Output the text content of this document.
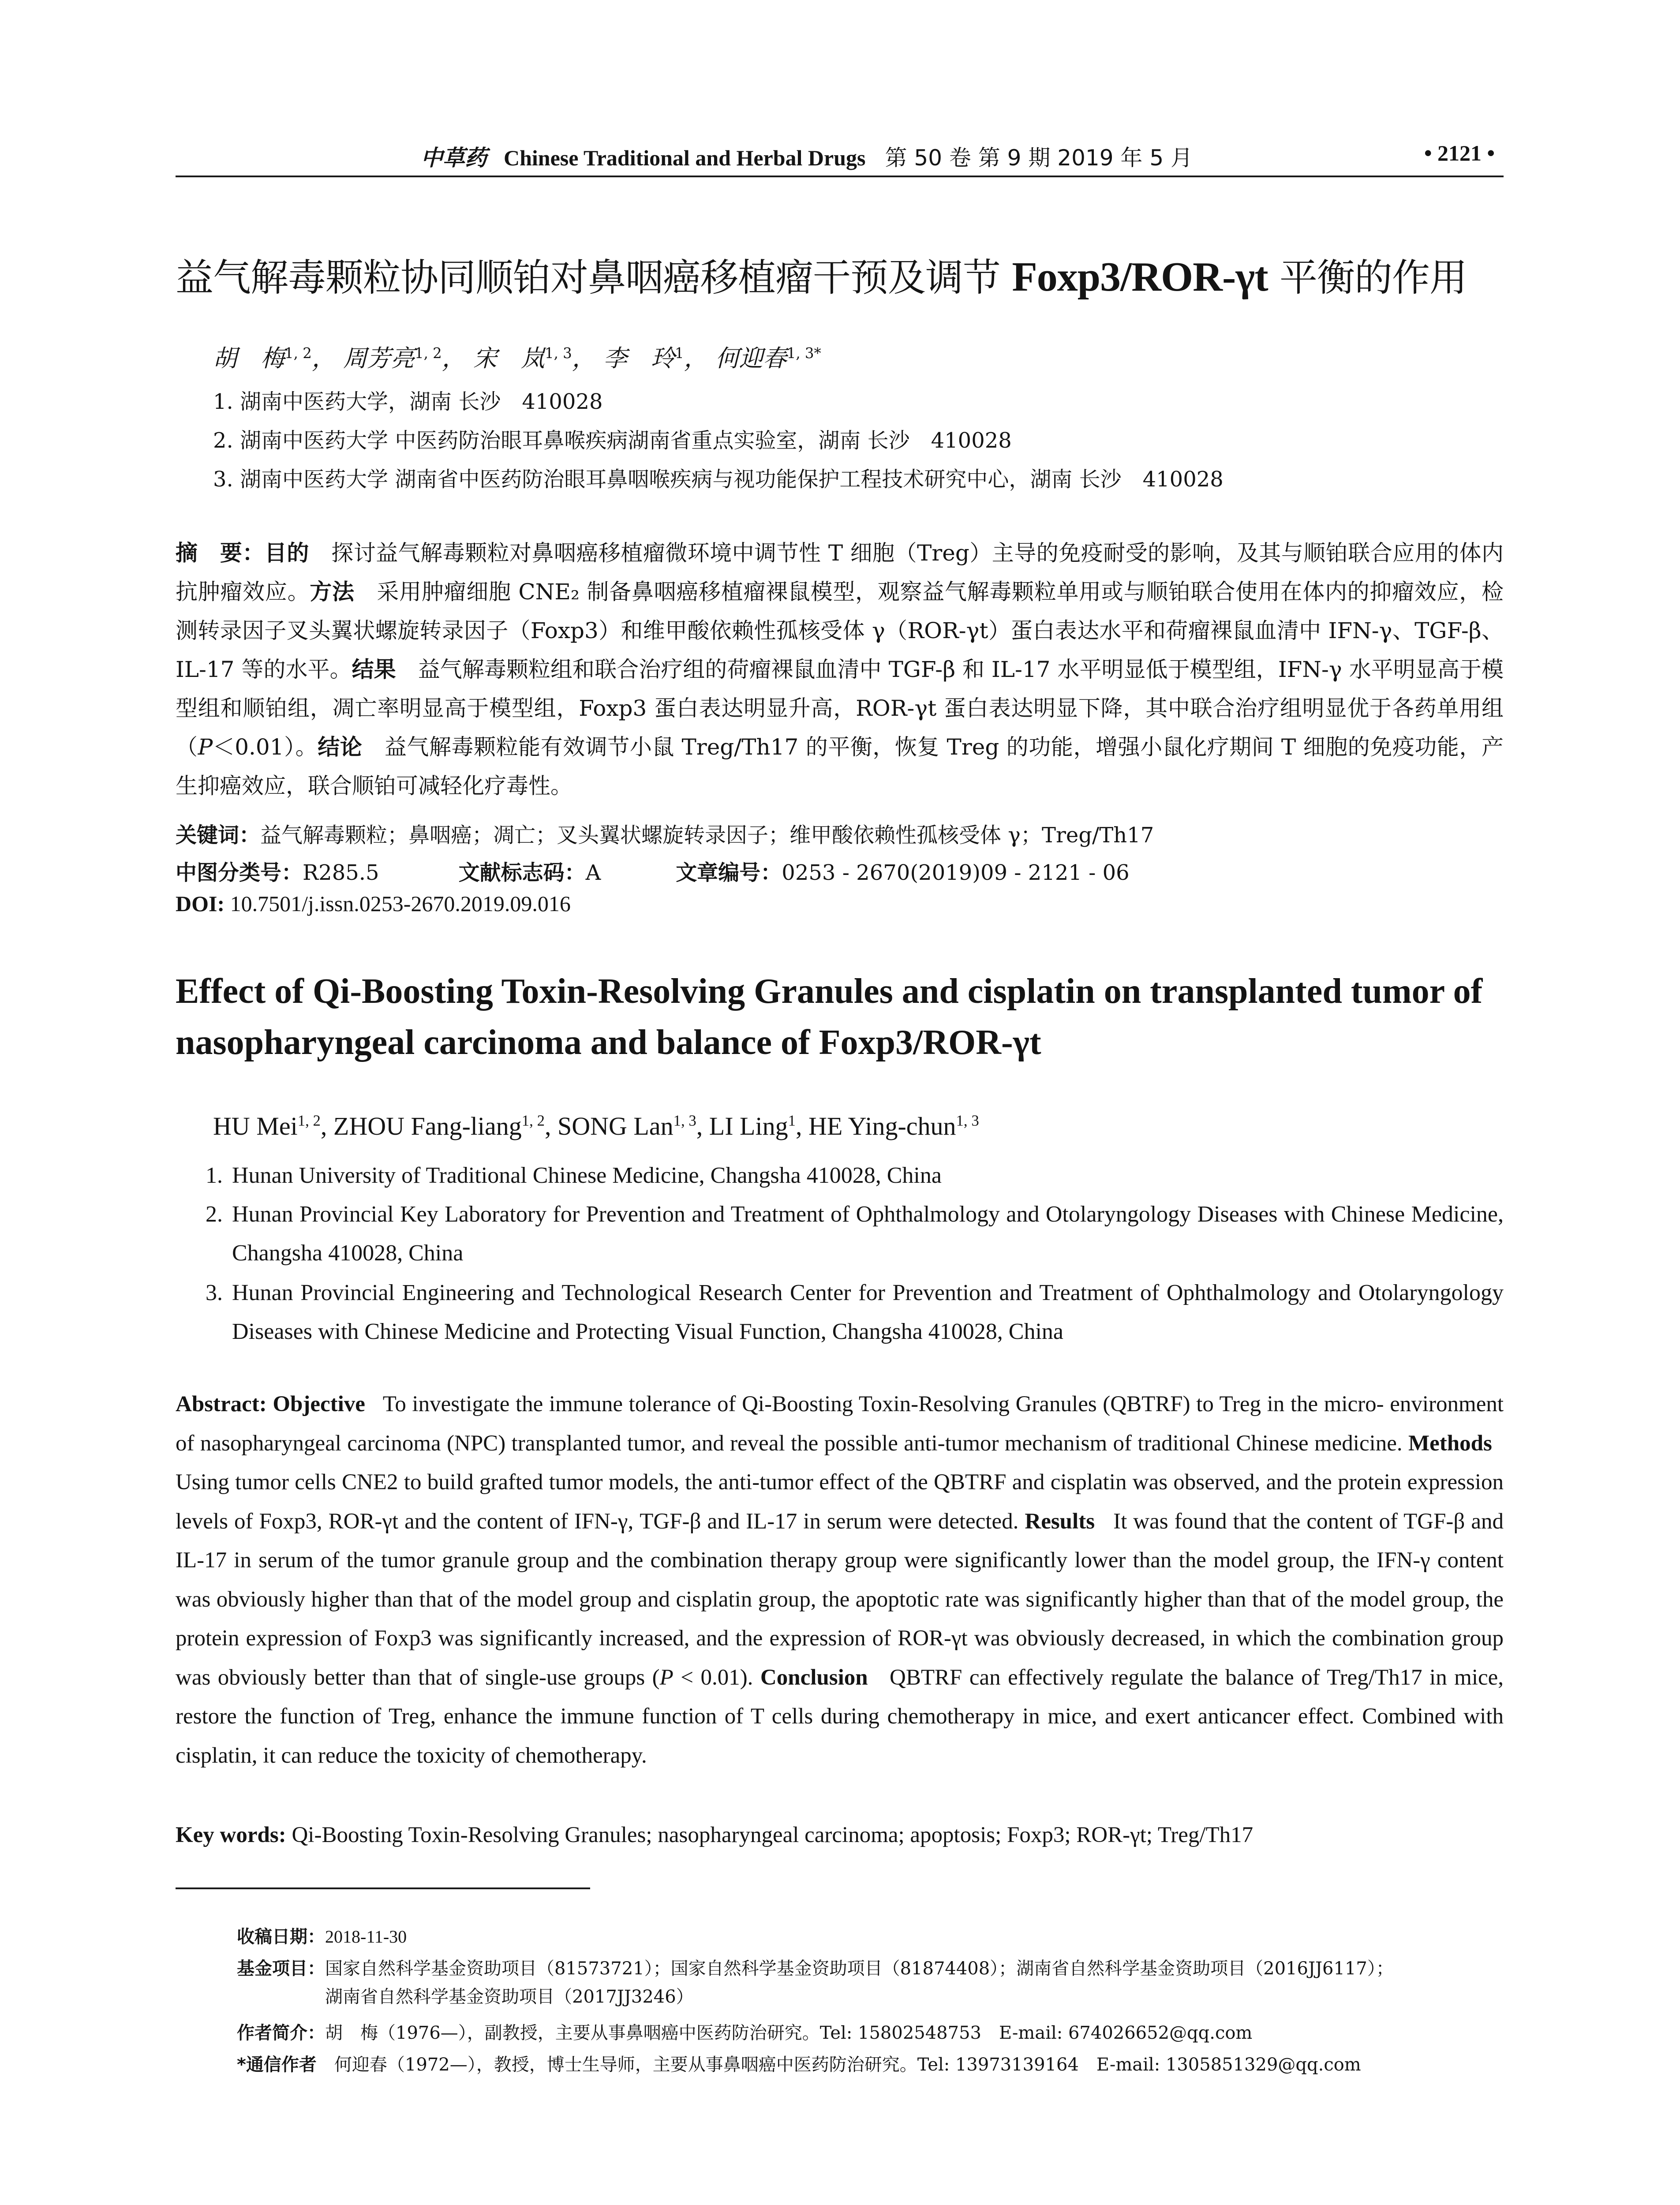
中草药 Chinese Traditional and Herbal Drugs 第 50 卷 第 9 期 2019 年 5 月	• 2121 •
益气解毒颗粒协同顺铂对鼻咽癌移植瘤干预及调节 Foxp3/ROR-γt 平衡的作用
胡　梅$^{1, 2}$， 周芳亮$^{1, 2}$， 宋　岚$^{1, 3}$， 李　玲$^1$， 何迎春$^{1, 3*}$
1. 湖南中医药大学，湖南 长沙　410028
2. 湖南中医药大学 中医药防治眼耳鼻喉疾病湖南省重点实验室，湖南 长沙　410028
3. 湖南中医药大学 湖南省中医药防治眼耳鼻咽喉疾病与视功能保护工程技术研究中心，湖南 长沙　410028
摘　要：目的　探讨益气解毒颗粒对鼻咽癌移植瘤微环境中调节性 T 细胞（Treg）主导的免疫耐受的影响，及其与顺铂联合应用的体内抗肿瘤效应。方法　采用肿瘤细胞 CNE₂ 制备鼻咽癌移植瘤裸鼠模型，观察益气解毒颗粒单用或与顺铂联合使用在体内的抑瘤效应，检测转录因子叉头翼状螺旋转录因子（Foxp3）和维甲酸依赖性孤核受体 γ（ROR-γt）蛋白表达水平和荷瘤裸鼠血清中 IFN-γ、TGF-β、IL-17 等的水平。结果　益气解毒颗粒组和联合治疗组的荷瘤裸鼠血清中 TGF-β 和 IL-17 水平明显低于模型组，IFN-γ 水平明显高于模型组和顺铂组，凋亡率明显高于模型组，Foxp3 蛋白表达明显升高，ROR-γt 蛋白表达明显下降，其中联合治疗组明显优于各药单用组（P＜0.01）。结论　益气解毒颗粒能有效调节小鼠 Treg/Th17 的平衡，恢复 Treg 的功能，增强小鼠化疗期间 T 细胞的免疫功能，产生抑癌效应，联合顺铂可减轻化疗毒性。
关键词：益气解毒颗粒；鼻咽癌；凋亡；叉头翼状螺旋转录因子；维甲酸依赖性孤核受体 γ；Treg/Th17
中图分类号：R285.5	文献标志码：A	文章编号：0253 - 2670(2019)09 - 2121 - 06
DOI: 10.7501/j.issn.0253-2670.2019.09.016
Effect of Qi-Boosting Toxin-Resolving Granules and cisplatin on transplanted tumor of nasopharyngeal carcinoma and balance of Foxp3/ROR-γt
HU Mei$^{1, 2}$, ZHOU Fang-liang$^{1, 2}$, SONG Lan$^{1, 3}$, LI Ling$^1$, HE Ying-chun$^{1, 3}$
1. Hunan University of Traditional Chinese Medicine, Changsha 410028, China
2. Hunan Provincial Key Laboratory for Prevention and Treatment of Ophthalmology and Otolaryngology Diseases with Chinese Medicine, Changsha 410028, China
3. Hunan Provincial Engineering and Technological Research Center for Prevention and Treatment of Ophthalmology and Otolaryngology Diseases with Chinese Medicine and Protecting Visual Function, Changsha 410028, China
Abstract: Objective To investigate the immune tolerance of Qi-Boosting Toxin-Resolving Granules (QBTRF) to Treg in the micro- environment of nasopharyngeal carcinoma (NPC) transplanted tumor, and reveal the possible anti-tumor mechanism of traditional Chinese medicine. Methods   Using tumor cells CNE2 to build grafted tumor models, the anti-tumor effect of the QBTRF and cisplatin was observed, and the protein expression levels of Foxp3, ROR-γt and the content of IFN-γ, TGF-β and IL-17 in serum were detected. Results It was found that the content of TGF-β and IL-17 in serum of the tumor granule group and the combination therapy group were significantly lower than the model group, the IFN-γ content was obviously higher than that of the model group and cisplatin group, the apoptotic rate was significantly higher than that of the model group, the protein expression of Foxp3 was significantly increased, and the expression of ROR-γt was obviously decreased, in which the combination group was obviously better than that of single-use groups (P < 0.01). Conclusion QBTRF can effectively regulate the balance of Treg/Th17 in mice, restore the function of Treg, enhance the immune function of T cells during chemotherapy in mice, and exert anticancer effect. Combined with cisplatin, it can reduce the toxicity of chemotherapy.
Key words: Qi-Boosting Toxin-Resolving Granules; nasopharyngeal carcinoma; apoptosis; Foxp3; ROR-γt; Treg/Th17
收稿日期：2018-11-30
基金项目：国家自然科学基金资助项目（81573721）；国家自然科学基金资助项目（81874408）；湖南省自然科学基金资助项目（2016JJ6117）；
湖南省自然科学基金资助项目（2017JJ3246）
作者简介：胡　梅（1976—），副教授，主要从事鼻咽癌中医药防治研究。Tel: 15802548753　E-mail: 674026652@qq.com
*通信作者　何迎春（1972—），教授，博士生导师，主要从事鼻咽癌中医药防治研究。Tel: 13973139164　E-mail: 1305851329@qq.com
